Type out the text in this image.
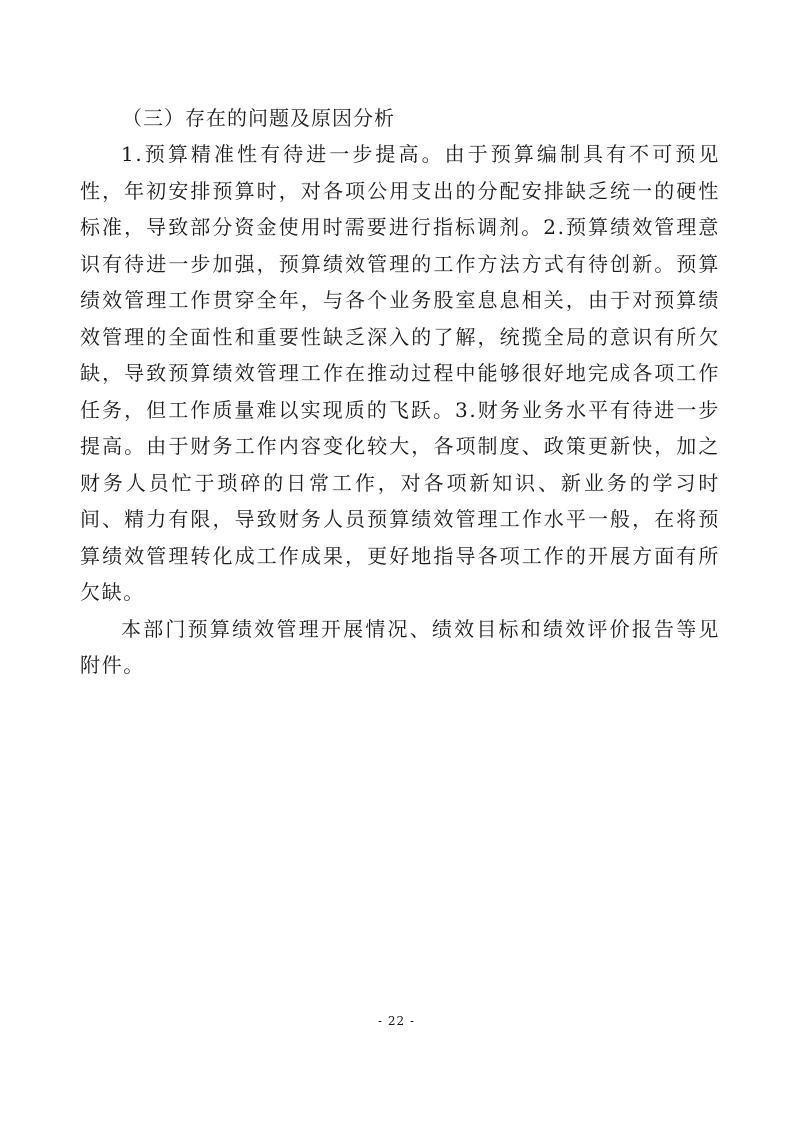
（三）存在的问题及原因分析

1.预算精准性有待进一步提高。由于预算编制具有不可预见性，年初安排预算时，对各项公用支出的分配安排缺乏统一的硬性标准，导致部分资金使用时需要进行指标调剂。2.预算绩效管理意识有待进一步加强，预算绩效管理的工作方法方式有待创新。预算绩效管理工作贯穿全年，与各个业务股室息息相关，由于对预算绩效管理的全面性和重要性缺乏深入的了解，统揽全局的意识有所欠缺，导致预算绩效管理工作在推动过程中能够很好地完成各项工作任务，但工作质量难以实现质的飞跃。3.财务业务水平有待进一步提高。由于财务工作内容变化较大，各项制度、政策更新快，加之财务人员忙于琐碎的日常工作，对各项新知识、新业务的学习时间、精力有限，导致财务人员预算绩效管理工作水平一般，在将预算绩效管理转化成工作成果，更好地指导各项工作的开展方面有所欠缺。

本部门预算绩效管理开展情况、绩效目标和绩效评价报告等见附件。

- 22 -
